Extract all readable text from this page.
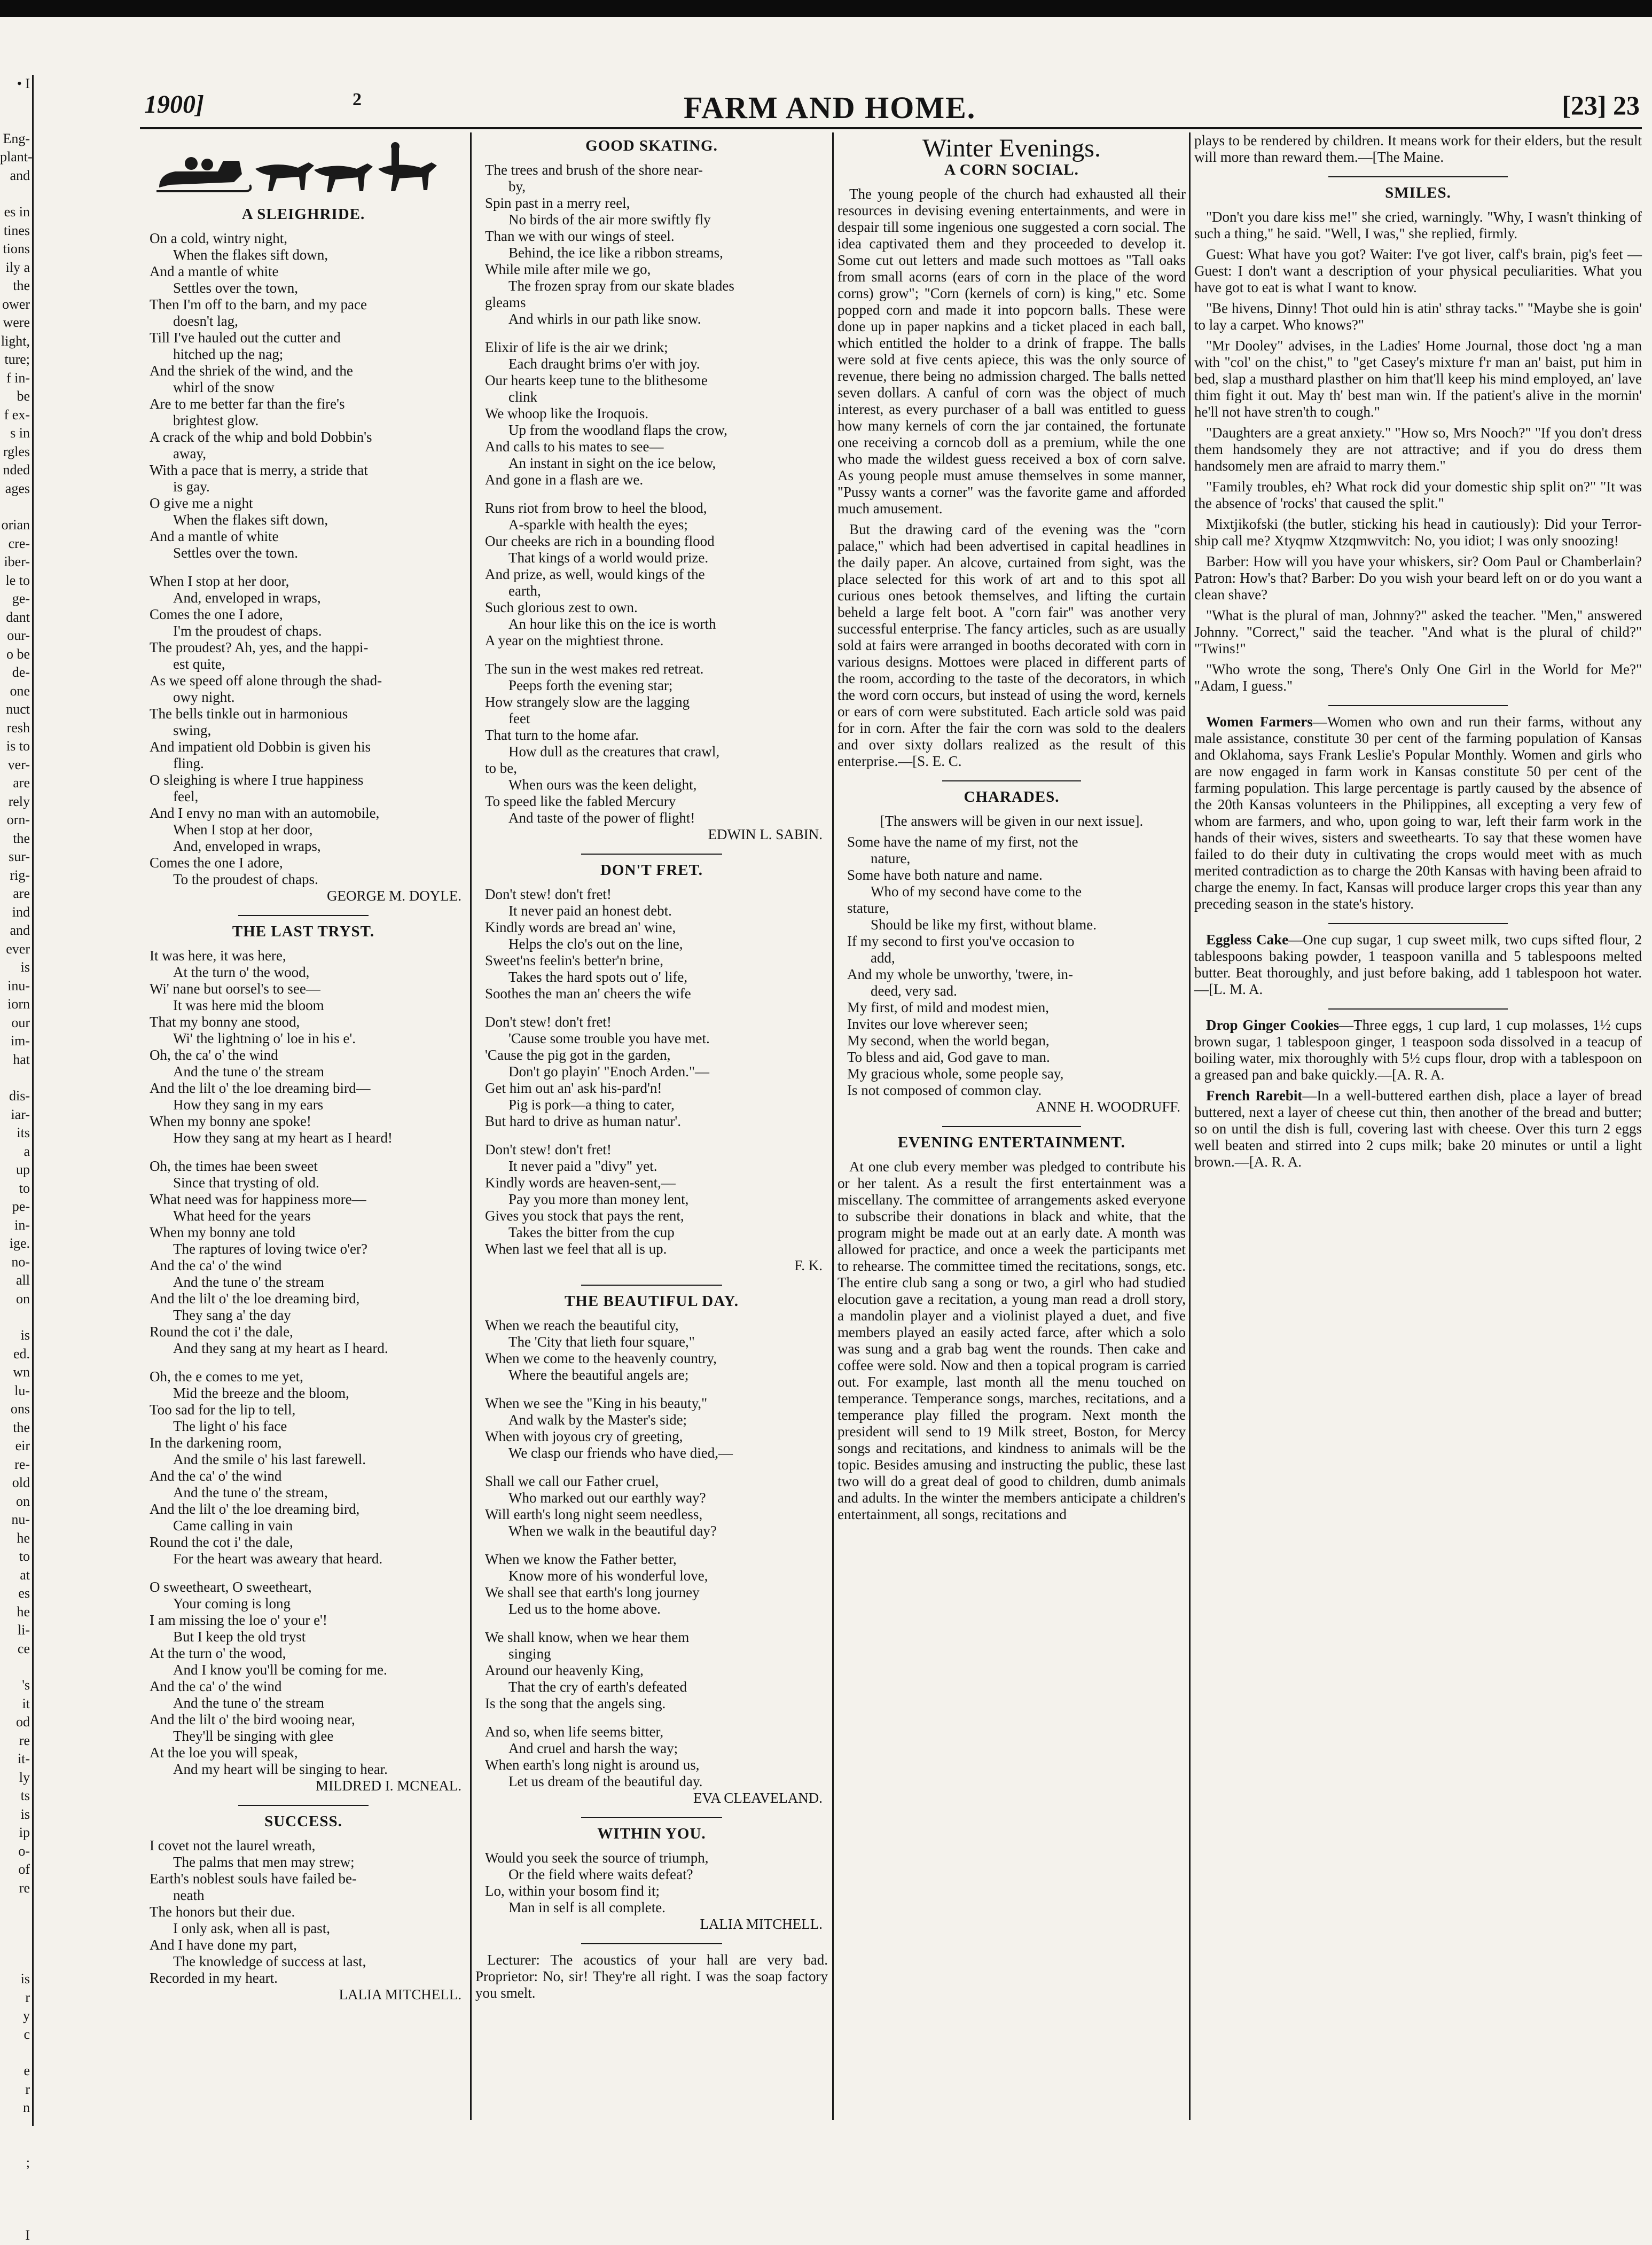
• I
Eng-
plant-
and
es in
tines
tions
ily a
the
ower
were
light,
ture;
f in-
be
f ex-
s in
rgles
nded
ages
orian
cre-
iber-
le to
ge-
dant
our-
o be
de-
one
nuct
resh
is to
ver-
are
rely
orn-
the
sur-
rig-
are
ind
and
ever
is
inu-
iorn
our
im-
hat
dis-
iar-
its
a
up
to
pe-
in-
ige.
no-
all
on
is
ed.
wn
lu-
ons
the
eir
re-
old
on
nu-
he
to
at
es
he
li-
ce
's
it
od
re
it-
ly
ts
is
ip
o-
of
re
is
r
y
c
e
r
n
;
I
1900]	2	FARM AND HOME.	[23] 23
A SLEIGHRIDE.
On a cold, wintry night,
When the flakes sift down,
And a mantle of white
Settles over the town,
Then I'm off to the barn, and my pace
doesn't lag,
Till I've hauled out the cutter and
hitched up the nag;
And the shriek of the wind, and the
whirl of the snow
Are to me better far than the fire's
brightest glow.
A crack of the whip and bold Dobbin's
away,
With a pace that is merry, a stride that
is gay.
O give me a night
When the flakes sift down,
And a mantle of white
Settles over the town.
When I stop at her door,
And, enveloped in wraps,
Comes the one I adore,
I'm the proudest of chaps.
The proudest? Ah, yes, and the happi-
est quite,
As we speed off alone through the shad-
owy night.
The bells tinkle out in harmonious
swing,
And impatient old Dobbin is given his
fling.
O sleighing is where I true happiness
feel,
And I envy no man with an automobile,
When I stop at her door,
And, enveloped in wraps,
Comes the one I adore,
To the proudest of chaps.
GEORGE M. DOYLE.
THE LAST TRYST.
It was here, it was here,
At the turn o' the wood,
Wi' nane but oorsel's to see—
It was here mid the bloom
That my bonny ane stood,
Wi' the lightning o' loe in his e'.
Oh, the ca' o' the wind
And the tune o' the stream
And the lilt o' the loe dreaming bird—
How they sang in my ears
When my bonny ane spoke!
How they sang at my heart as I heard!
Oh, the times hae been sweet
Since that trysting of old.
What need was for happiness more—
What heed for the years
When my bonny ane told
The raptures of loving twice o'er?
And the ca' o' the wind
And the tune o' the stream
And the lilt o' the loe dreaming bird,
They sang a' the day
Round the cot i' the dale,
And they sang at my heart as I heard.
Oh, the e comes to me yet,
Mid the breeze and the bloom,
Too sad for the lip to tell,
The light o' his face
In the darkening room,
And the smile o' his last farewell.
And the ca' o' the wind
And the tune o' the stream,
And the lilt o' the loe dreaming bird,
Came calling in vain
Round the cot i' the dale,
For the heart was aweary that heard.
O sweetheart, O sweetheart,
Your coming is long
I am missing the loe o' your e'!
But I keep the old tryst
At the turn o' the wood,
And I know you'll be coming for me.
And the ca' o' the wind
And the tune o' the stream
And the lilt o' the bird wooing near,
They'll be singing with glee
At the loe you will speak,
And my heart will be singing to hear.
MILDRED I. MCNEAL.
SUCCESS.
I covet not the laurel wreath,
The palms that men may strew;
Earth's noblest souls have failed be-
neath
The honors but their due.
I only ask, when all is past,
And I have done my part,
The knowledge of success at last,
Recorded in my heart.
LALIA MITCHELL.
GOOD SKATING.
The trees and brush of the shore near-
by,
Spin past in a merry reel,
No birds of the air more swiftly fly
Than we with our wings of steel.
Behind, the ice like a ribbon streams,
While mile after mile we go,
The frozen spray from our skate blades
gleams
And whirls in our path like snow.
Elixir of life is the air we drink;
Each draught brims o'er with joy.
Our hearts keep tune to the blithesome
clink
We whoop like the Iroquois.
Up from the woodland flaps the crow,
And calls to his mates to see—
An instant in sight on the ice below,
And gone in a flash are we.
Runs riot from brow to heel the blood,
A-sparkle with health the eyes;
Our cheeks are rich in a bounding flood
That kings of a world would prize.
And prize, as well, would kings of the
earth,
Such glorious zest to own.
An hour like this on the ice is worth
A year on the mightiest throne.
The sun in the west makes red retreat.
Peeps forth the evening star;
How strangely slow are the lagging
feet
That turn to the home afar.
How dull as the creatures that crawl,
to be,
When ours was the keen delight,
To speed like the fabled Mercury
And taste of the power of flight!
EDWIN L. SABIN.
DON'T FRET.
Don't stew! don't fret!
It never paid an honest debt.
Kindly words are bread an' wine,
Helps the clo's out on the line,
Sweet'ns feelin's better'n brine,
Takes the hard spots out o' life,
Soothes the man an' cheers the wife
Don't stew! don't fret!
'Cause some trouble you have met.
'Cause the pig got in the garden,
Don't go playin' "Enoch Arden."—
Get him out an' ask his-pard'n!
Pig is pork—a thing to cater,
But hard to drive as human natur'.
Don't stew! don't fret!
It never paid a "divy" yet.
Kindly words are heaven-sent,—
Pay you more than money lent,
Gives you stock that pays the rent,
Takes the bitter from the cup
When last we feel that all is up.
F. K.
THE BEAUTIFUL DAY.
When we reach the beautiful city,
The 'City that lieth four square,"
When we come to the heavenly country,
Where the beautiful angels are;
When we see the "King in his beauty,"
And walk by the Master's side;
When with joyous cry of greeting,
We clasp our friends who have died,—
Shall we call our Father cruel,
Who marked out our earthly way?
Will earth's long night seem needless,
When we walk in the beautiful day?
When we know the Father better,
Know more of his wonderful love,
We shall see that earth's long journey
Led us to the home above.
We shall know, when we hear them
singing
Around our heavenly King,
That the cry of earth's defeated
Is the song that the angels sing.
And so, when life seems bitter,
And cruel and harsh the way;
When earth's long night is around us,
Let us dream of the beautiful day.
EVA CLEAVELAND.
WITHIN YOU.
Would you seek the source of triumph,
Or the field where waits defeat?
Lo, within your bosom find it;
Man in self is all complete.
LALIA MITCHELL.
Lecturer: The acoustics of your hall are very bad. Proprietor: No, sir! They're all right. I was the soap factory you smelt.
Winter Evenings.
A CORN SOCIAL.
The young people of the church had exhausted all their resources in devising evening entertainments, and were in despair till some ingenious one suggested a corn social. The idea captivated them and they proceeded to develop it. Some cut out letters and made such mottoes as "Tall oaks from small acorns (ears of corn in the place of the word corns) grow"; "Corn (kernels of corn) is king," etc. Some popped corn and made it into popcorn balls. These were done up in paper napkins and a ticket placed in each ball, which entitled the holder to a drink of frappe. The balls were sold at five cents apiece, this was the only source of revenue, there being no admission charged. The balls netted seven dollars. A canful of corn was the object of much interest, as every purchaser of a ball was entitled to guess how many kernels of corn the jar contained, the fortunate one receiving a corncob doll as a premium, while the one who made the wildest guess received a box of corn salve. As young people must amuse themselves in some manner, "Pussy wants a corner" was the favorite game and afforded much amusement.
But the drawing card of the evening was the "corn palace," which had been advertised in capital headlines in the daily paper. An alcove, curtained from sight, was the place selected for this work of art and to this spot all curious ones betook themselves, and lifting the curtain beheld a large felt boot. A "corn fair" was another very successful enterprise. The fancy articles, such as are usually sold at fairs were arranged in booths decorated with corn in various designs. Mottoes were placed in different parts of the room, according to the taste of the decorators, in which the word corn occurs, but instead of using the word, kernels or ears of corn were substituted. Each article sold was paid for in corn. After the fair the corn was sold to the dealers and over sixty dollars realized as the result of this enterprise.—[S. E. C.
CHARADES.
[The answers will be given in our next issue].
Some have the name of my first, not the
nature,
Some have both nature and name.
Who of my second have come to the
stature,
Should be like my first, without blame.
If my second to first you've occasion to
add,
And my whole be unworthy, 'twere, in-
deed, very sad.
My first, of mild and modest mien,
Invites our love wherever seen;
My second, when the world began,
To bless and aid, God gave to man.
My gracious whole, some people say,
Is not composed of common clay.
ANNE H. WOODRUFF.
EVENING ENTERTAINMENT.
At one club every member was pledged to contribute his or her talent. As a result the first entertainment was a miscellany. The committee of arrangements asked everyone to subscribe their donations in black and white, that the program might be made out at an early date. A month was allowed for practice, and once a week the participants met to rehearse. The committee timed the recitations, songs, etc. The entire club sang a song or two, a girl who had studied elocution gave a recitation, a young man read a droll story, a mandolin player and a violinist played a duet, and five members played an easily acted farce, after which a solo was sung and a grab bag went the rounds. Then cake and coffee were sold. Now and then a topical program is carried out. For example, last month all the menu touched on temperance. Temperance songs, marches, recitations, and a temperance play filled the program. Next month the president will send to 19 Milk street, Boston, for Mercy songs and recitations, and kindness to animals will be the topic. Besides amusing and instructing the public, these last two will do a great deal of good to children, dumb animals and adults. In the winter the members anticipate a children's entertainment, all songs, recitations and
plays to be rendered by children. It means work for their elders, but the result will more than reward them.—[The Maine.
SMILES.
"Don't you dare kiss me!" she cried, warningly. "Why, I wasn't thinking of such a thing," he said. "Well, I was," she replied, firmly.
Guest: What have you got? Waiter: I've got liver, calf's brain, pig's feet — Guest: I don't want a description of your physical peculiarities. What you have got to eat is what I want to know.
"Be hivens, Dinny! Thot ould hin is atin' sthray tacks." "Maybe she is goin' to lay a carpet. Who knows?"
"Mr Dooley" advises, in the Ladies' Home Journal, those doct 'ng a man with "col' on the chist," to "get Casey's mixture f'r man an' baist, put him in bed, slap a musthard plasther on him that'll keep his mind employed, an' lave thim fight it out. May th' best man win. If the patient's alive in the mornin' he'll not have stren'th to cough."
"Daughters are a great anxiety." "How so, Mrs Nooch?" "If you don't dress them handsomely they are not attractive; and if you do dress them handsomely men are afraid to marry them."
"Family troubles, eh? What rock did your domestic ship split on?" "It was the absence of 'rocks' that caused the split."
Mixtjikofski (the butler, sticking his head in cautiously): Did your Terror-ship call me? Xtyqmw Xtzqmwvitch: No, you idiot; I was only snoozing!
Barber: How will you have your whiskers, sir? Oom Paul or Chamberlain? Patron: How's that? Barber: Do you wish your beard left on or do you want a clean shave?
"What is the plural of man, Johnny?" asked the teacher. "Men," answered Johnny. "Correct," said the teacher. "And what is the plural of child?" "Twins!"
"Who wrote the song, There's Only One Girl in the World for Me?" "Adam, I guess."
Women Farmers—Women who own and run their farms, without any male assistance, constitute 30 per cent of the farming population of Kansas and Oklahoma, says Frank Leslie's Popular Monthly. Women and girls who are now engaged in farm work in Kansas constitute 50 per cent of the farming population. This large percentage is partly caused by the absence of the 20th Kansas volunteers in the Philippines, all excepting a very few of whom are farmers, and who, upon going to war, left their farm work in the hands of their wives, sisters and sweethearts. To say that these women have failed to do their duty in cultivating the crops would meet with as much merited contradiction as to charge the 20th Kansas with having been afraid to charge the enemy. In fact, Kansas will produce larger crops this year than any preceding season in the state's history.
Eggless Cake—One cup sugar, 1 cup sweet milk, two cups sifted flour, 2 tablespoons baking powder, 1 teaspoon vanilla and 5 tablespoons melted butter. Beat thoroughly, and just before baking, add 1 tablespoon hot water.—[L. M. A.
Drop Ginger Cookies—Three eggs, 1 cup lard, 1 cup molasses, 1½ cups brown sugar, 1 tablespoon ginger, 1 teaspoon soda dissolved in a teacup of boiling water, mix thoroughly with 5½ cups flour, drop with a tablespoon on a greased pan and bake quickly.—[A. R. A.
French Rarebit—In a well-buttered earthen dish, place a layer of bread buttered, next a layer of cheese cut thin, then another of the bread and butter; so on until the dish is full, covering last with cheese. Over this turn 2 eggs well beaten and stirred into 2 cups milk; bake 20 minutes or until a light brown.—[A. R. A.
